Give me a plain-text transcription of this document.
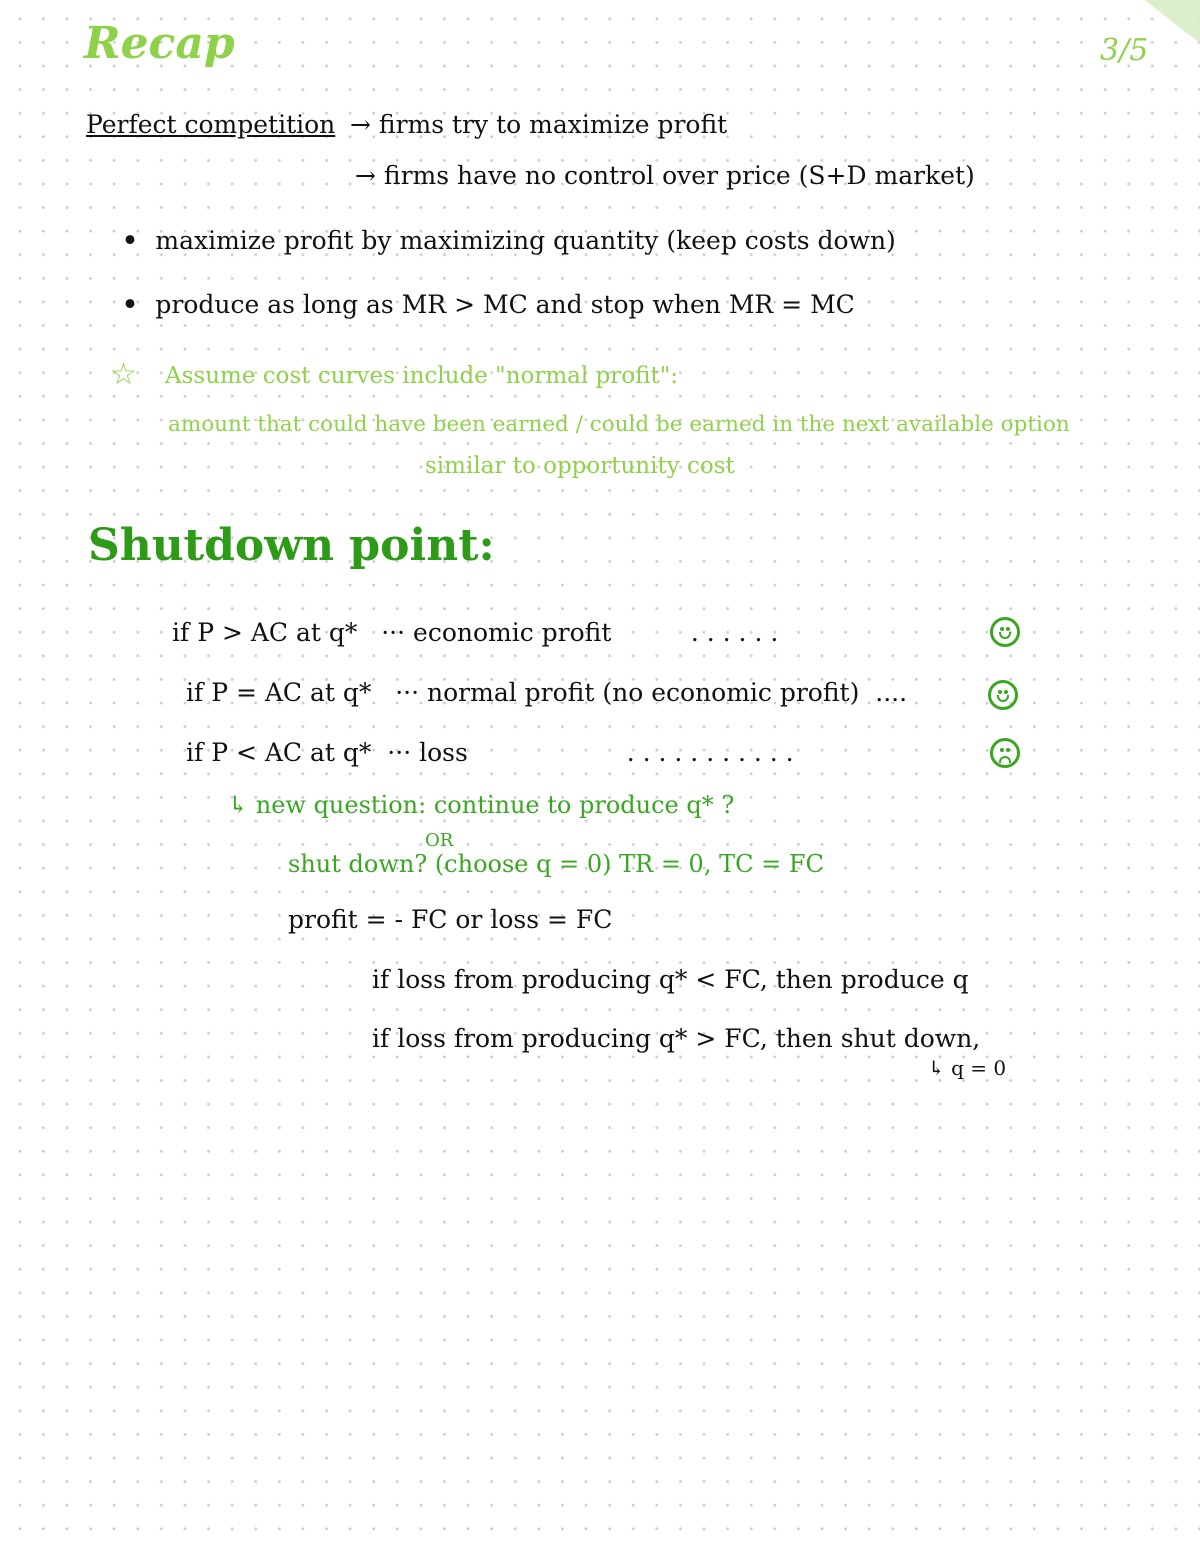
Recap	3/5
Perfect competition → firms try to maximize profit
→ firms have no control over price (S+D market)
•  maximize profit by maximizing quantity (keep costs down)
•  produce as long as MR > MC and stop when MR = MC
☆ Assume cost curves include "normal profit":
amount that could have been earned / could be earned in the next available option
similar to opportunity cost
Shutdown point:
if P > AC at q* ··· economic profit	. . . . . .
if P = AC at q* ··· normal profit (no economic profit) ....
if P < AC at q* ··· loss	. . . . . . . . . . .
↳ new question: continue to produce q* ?
OR
shut down? (choose q = 0) TR = 0, TC = FC
profit = - FC or loss = FC
if loss from producing q* < FC, then produce q
if loss from producing q* > FC, then shut down,
↳ q = 0
